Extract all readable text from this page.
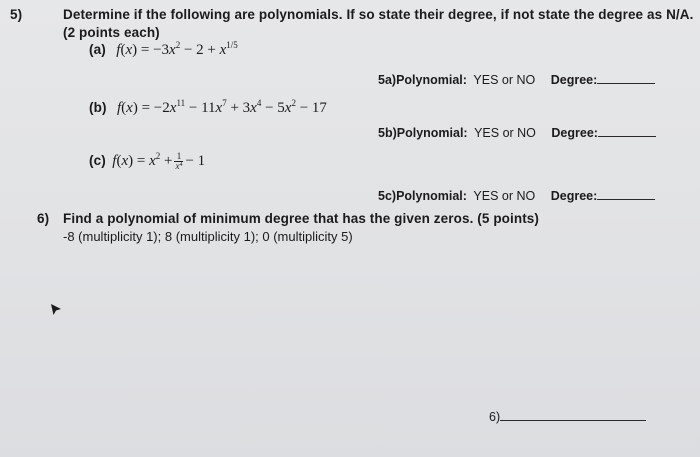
5)	Determine if the following are polynomials. If so state their degree, if not state the degree as N/A.
(2 points each)
(a) $f(x) = -3x^2 - 2 + x^{1/5}$
5a)Polynomial: YES or NO Degree:
(b) $f(x) = -2x^{11} - 11x^7 + 3x^4 - 5x^2 - 17$
5b)Polynomial: YES or NO Degree:
(c) $f(x) = x^2 + \frac{1}{x^4} - 1$
5c)Polynomial: YES or NO Degree:
6) Find a polynomial of minimum degree that has the given zeros. (5 points)
-8 (multiplicity 1); 8 (multiplicity 1); 0 (multiplicity 5)
6)
